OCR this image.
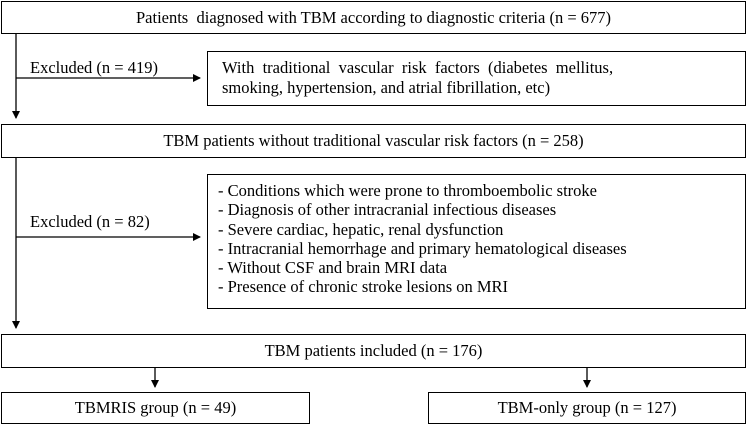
Patients  diagnosed with TBM according to diagnostic criteria (n = 677)
Excluded (n = 419)	With  traditional  vascular  risk  factors  (diabetes  mellitus,
smoking, hypertension, and atrial fibrillation, etc)
TBM patients without traditional vascular risk factors (n = 258)
Excluded (n = 82)
- Conditions which were prone to thromboembolic stroke
- Diagnosis of other intracranial infectious diseases
- Severe cardiac, hepatic, renal dysfunction
- Intracranial hemorrhage and primary hematological diseases
- Without CSF and brain MRI data
- Presence of chronic stroke lesions on MRI
TBM patients included (n = 176)
TBMRIS group (n = 49)	TBM-only group (n = 127)
